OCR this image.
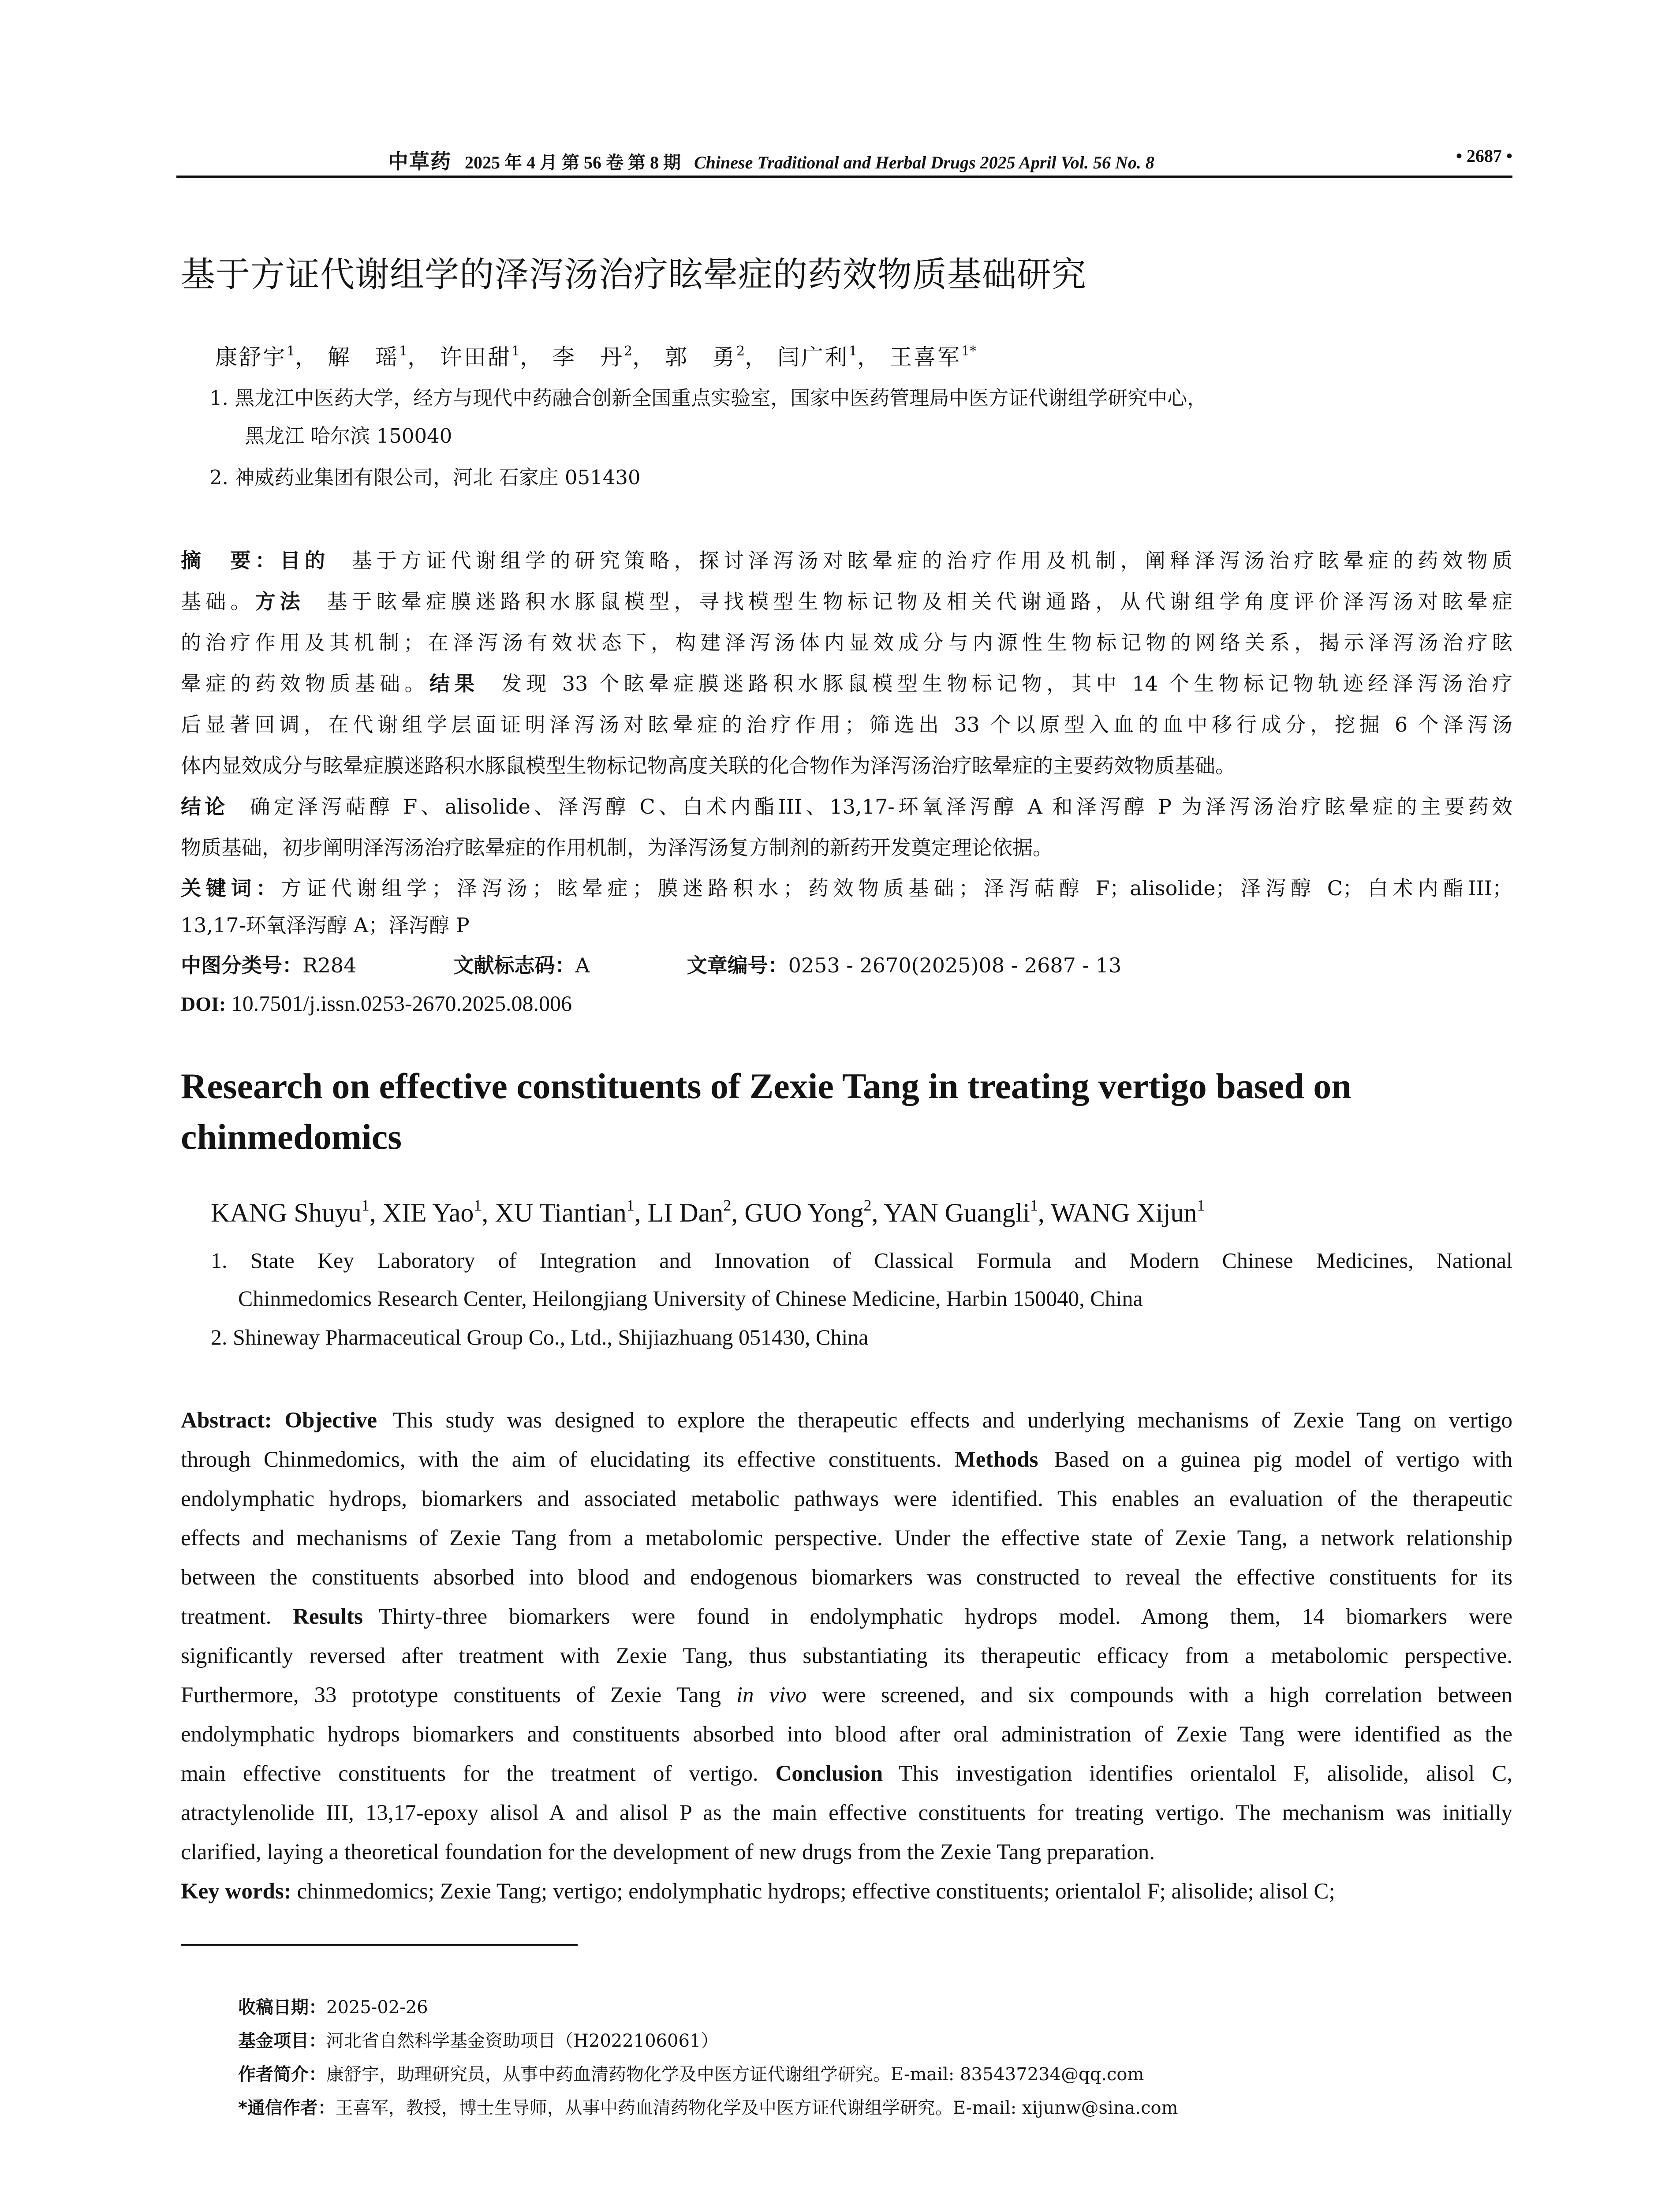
中草药 2025 年 4 月 第 56 卷 第 8 期 Chinese Traditional and Herbal Drugs 2025 April Vol. 56 No. 8	• 2687 •
基于方证代谢组学的泽泻汤治疗眩晕症的药效物质基础研究
康舒宇$^1$， 解　瑶$^1$， 许田甜$^1$， 李　丹$^2$， 郭　勇$^2$， 闫广利$^1$， 王喜军$^{1*}$
1. 黑龙江中医药大学，经方与现代中药融合创新全国重点实验室，国家中医药管理局中医方证代谢组学研究中心，
黑龙江 哈尔滨 150040
2. 神威药业集团有限公司，河北 石家庄 051430
摘　要：目的 基于方证代谢组学的研究策略，探讨泽泻汤对眩晕症的治疗作用及机制，阐释泽泻汤治疗眩晕症的药效物质
基础。方法 基于眩晕症膜迷路积水豚鼠模型，寻找模型生物标记物及相关代谢通路，从代谢组学角度评价泽泻汤对眩晕症
的治疗作用及其机制；在泽泻汤有效状态下，构建泽泻汤体内显效成分与内源性生物标记物的网络关系，揭示泽泻汤治疗眩
晕症的药效物质基础。结果 发现 33 个眩晕症膜迷路积水豚鼠模型生物标记物，其中 14 个生物标记物轨迹经泽泻汤治疗
后显著回调，在代谢组学层面证明泽泻汤对眩晕症的治疗作用；筛选出 33 个以原型入血的血中移行成分，挖掘 6 个泽泻汤
体内显效成分与眩晕症膜迷路积水豚鼠模型生物标记物高度关联的化合物作为泽泻汤治疗眩晕症的主要药效物质基础。
结论 确定泽泻萜醇 F、alisolide、泽泻醇 C、白术内酯III、13,17-环氧泽泻醇 A 和泽泻醇 P 为泽泻汤治疗眩晕症的主要药效
物质基础，初步阐明泽泻汤治疗眩晕症的作用机制，为泽泻汤复方制剂的新药开发奠定理论依据。
关键词：方证代谢组学；泽泻汤；眩晕症；膜迷路积水；药效物质基础；泽泻萜醇 F；alisolide；泽泻醇 C；白术内酯III；
13,17-环氧泽泻醇 A；泽泻醇 P
中图分类号：R284	文献标志码：A	文章编号：0253 - 2670(2025)08 - 2687 - 13
DOI: 10.7501/j.issn.0253-2670.2025.08.006
Research on effective constituents of Zexie Tang in treating vertigo based on chinmedomics
KANG Shuyu$^1$, XIE Yao$^1$, XU Tiantian$^1$, LI Dan$^2$, GUO Yong$^2$, YAN Guangli$^1$, WANG Xijun$^1$
1. State Key Laboratory of Integration and Innovation of Classical Formula and Modern Chinese Medicines, National
Chinmedomics Research Center, Heilongjiang University of Chinese Medicine, Harbin 150040, China
2. Shineway Pharmaceutical Group Co., Ltd., Shijiazhuang 051430, China
Abstract: Objective This study was designed to explore the therapeutic effects and underlying mechanisms of Zexie Tang on vertigo
through Chinmedomics, with the aim of elucidating its effective constituents. Methods Based on a guinea pig model of vertigo with
endolymphatic hydrops, biomarkers and associated metabolic pathways were identified. This enables an evaluation of the therapeutic
effects and mechanisms of Zexie Tang from a metabolomic perspective. Under the effective state of Zexie Tang, a network relationship
between the constituents absorbed into blood and endogenous biomarkers was constructed to reveal the effective constituents for its
treatment. Results Thirty-three biomarkers were found in endolymphatic hydrops model. Among them, 14 biomarkers were
significantly reversed after treatment with Zexie Tang, thus substantiating its therapeutic efficacy from a metabolomic perspective.
Furthermore, 33 prototype constituents of Zexie Tang in vivo were screened, and six compounds with a high correlation between
endolymphatic hydrops biomarkers and constituents absorbed into blood after oral administration of Zexie Tang were identified as the
main effective constituents for the treatment of vertigo. Conclusion This investigation identifies orientalol F, alisolide, alisol C,
atractylenolide III, 13,17-epoxy alisol A and alisol P as the main effective constituents for treating vertigo. The mechanism was initially
clarified, laying a theoretical foundation for the development of new drugs from the Zexie Tang preparation.
Key words: chinmedomics; Zexie Tang; vertigo; endolymphatic hydrops; effective constituents; orientalol F; alisolide; alisol C;
收稿日期：2025-02-26
基金项目：河北省自然科学基金资助项目（H2022106061）
作者简介：康舒宇，助理研究员，从事中药血清药物化学及中医方证代谢组学研究。E-mail: 835437234@qq.com
*通信作者：王喜军，教授，博士生导师，从事中药血清药物化学及中医方证代谢组学研究。E-mail: xijunw@sina.com
